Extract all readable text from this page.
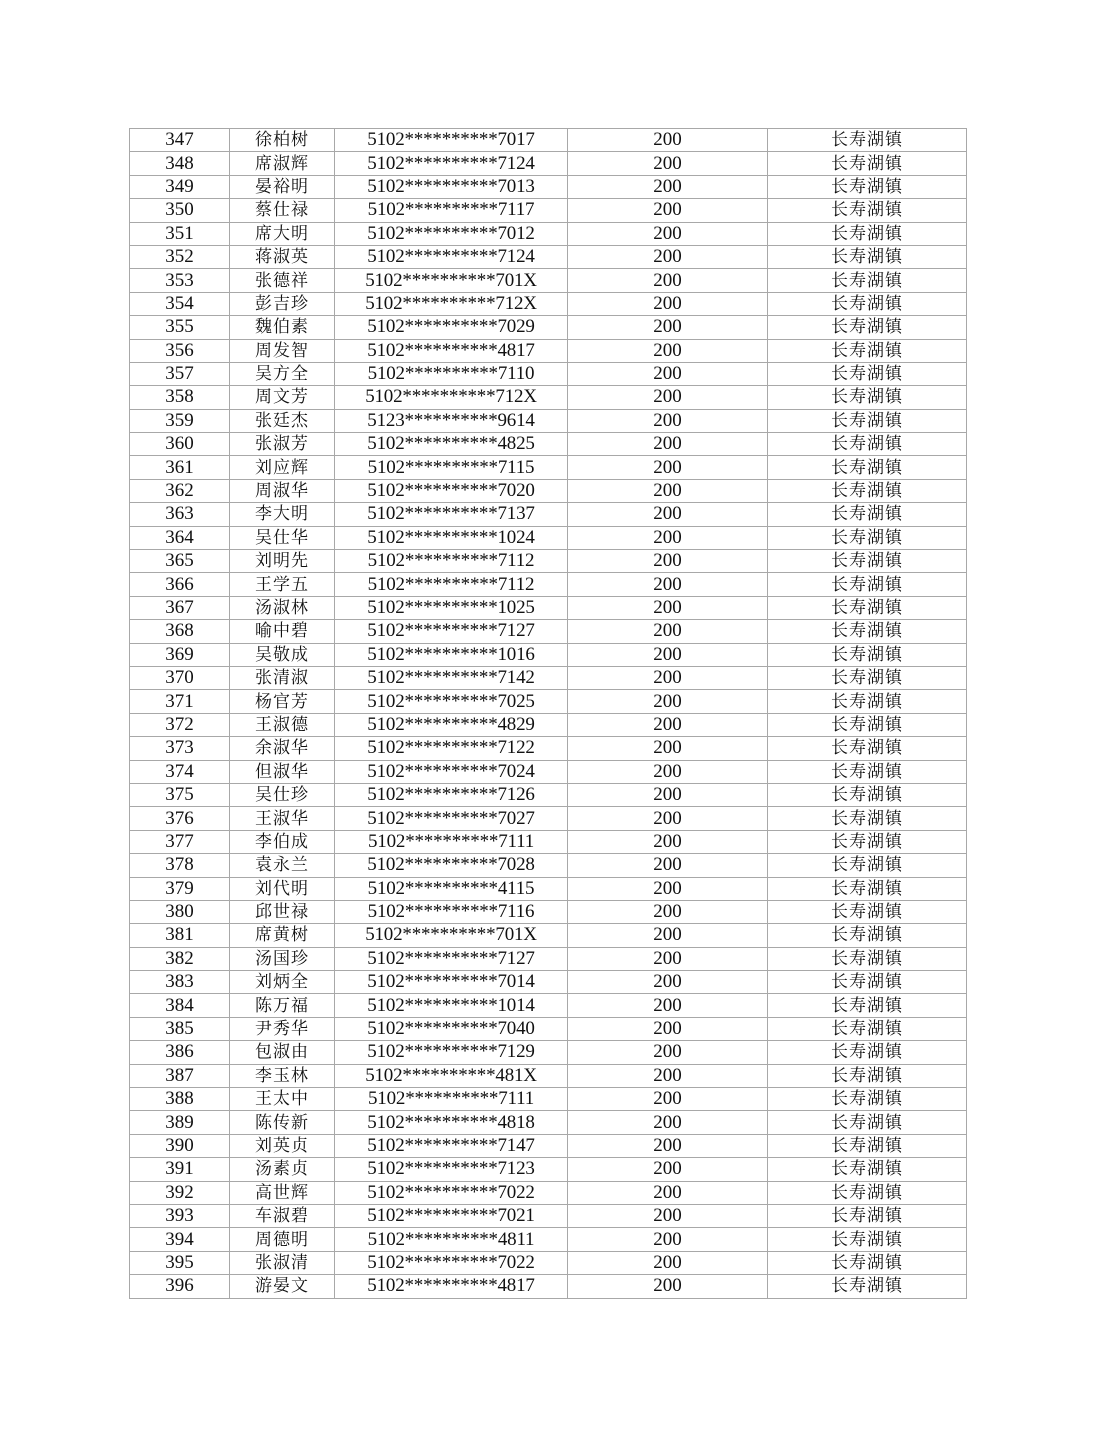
347	徐柏树	5102**********7017	200	长寿湖镇
348	席淑辉	5102**********7124	200	长寿湖镇
349	晏裕明	5102**********7013	200	长寿湖镇
350	蔡仕禄	5102**********7117	200	长寿湖镇
351	席大明	5102**********7012	200	长寿湖镇
352	蒋淑英	5102**********7124	200	长寿湖镇
353	张德祥	5102**********701X	200	长寿湖镇
354	彭吉珍	5102**********712X	200	长寿湖镇
355	魏伯素	5102**********7029	200	长寿湖镇
356	周发智	5102**********4817	200	长寿湖镇
357	吴方全	5102**********7110	200	长寿湖镇
358	周文芳	5102**********712X	200	长寿湖镇
359	张廷杰	5123**********9614	200	长寿湖镇
360	张淑芳	5102**********4825	200	长寿湖镇
361	刘应辉	5102**********7115	200	长寿湖镇
362	周淑华	5102**********7020	200	长寿湖镇
363	李大明	5102**********7137	200	长寿湖镇
364	吴仕华	5102**********1024	200	长寿湖镇
365	刘明先	5102**********7112	200	长寿湖镇
366	王学五	5102**********7112	200	长寿湖镇
367	汤淑林	5102**********1025	200	长寿湖镇
368	喻中碧	5102**********7127	200	长寿湖镇
369	吴敬成	5102**********1016	200	长寿湖镇
370	张清淑	5102**********7142	200	长寿湖镇
371	杨官芳	5102**********7025	200	长寿湖镇
372	王淑德	5102**********4829	200	长寿湖镇
373	余淑华	5102**********7122	200	长寿湖镇
374	但淑华	5102**********7024	200	长寿湖镇
375	吴仕珍	5102**********7126	200	长寿湖镇
376	王淑华	5102**********7027	200	长寿湖镇
377	李伯成	5102**********7111	200	长寿湖镇
378	袁永兰	5102**********7028	200	长寿湖镇
379	刘代明	5102**********4115	200	长寿湖镇
380	邱世禄	5102**********7116	200	长寿湖镇
381	席黄树	5102**********701X	200	长寿湖镇
382	汤国珍	5102**********7127	200	长寿湖镇
383	刘炳全	5102**********7014	200	长寿湖镇
384	陈万福	5102**********1014	200	长寿湖镇
385	尹秀华	5102**********7040	200	长寿湖镇
386	包淑由	5102**********7129	200	长寿湖镇
387	李玉林	5102**********481X	200	长寿湖镇
388	王太中	5102**********7111	200	长寿湖镇
389	陈传新	5102**********4818	200	长寿湖镇
390	刘英贞	5102**********7147	200	长寿湖镇
391	汤素贞	5102**********7123	200	长寿湖镇
392	高世辉	5102**********7022	200	长寿湖镇
393	车淑碧	5102**********7021	200	长寿湖镇
394	周德明	5102**********4811	200	长寿湖镇
395	张淑清	5102**********7022	200	长寿湖镇
396	游晏文	5102**********4817	200	长寿湖镇
